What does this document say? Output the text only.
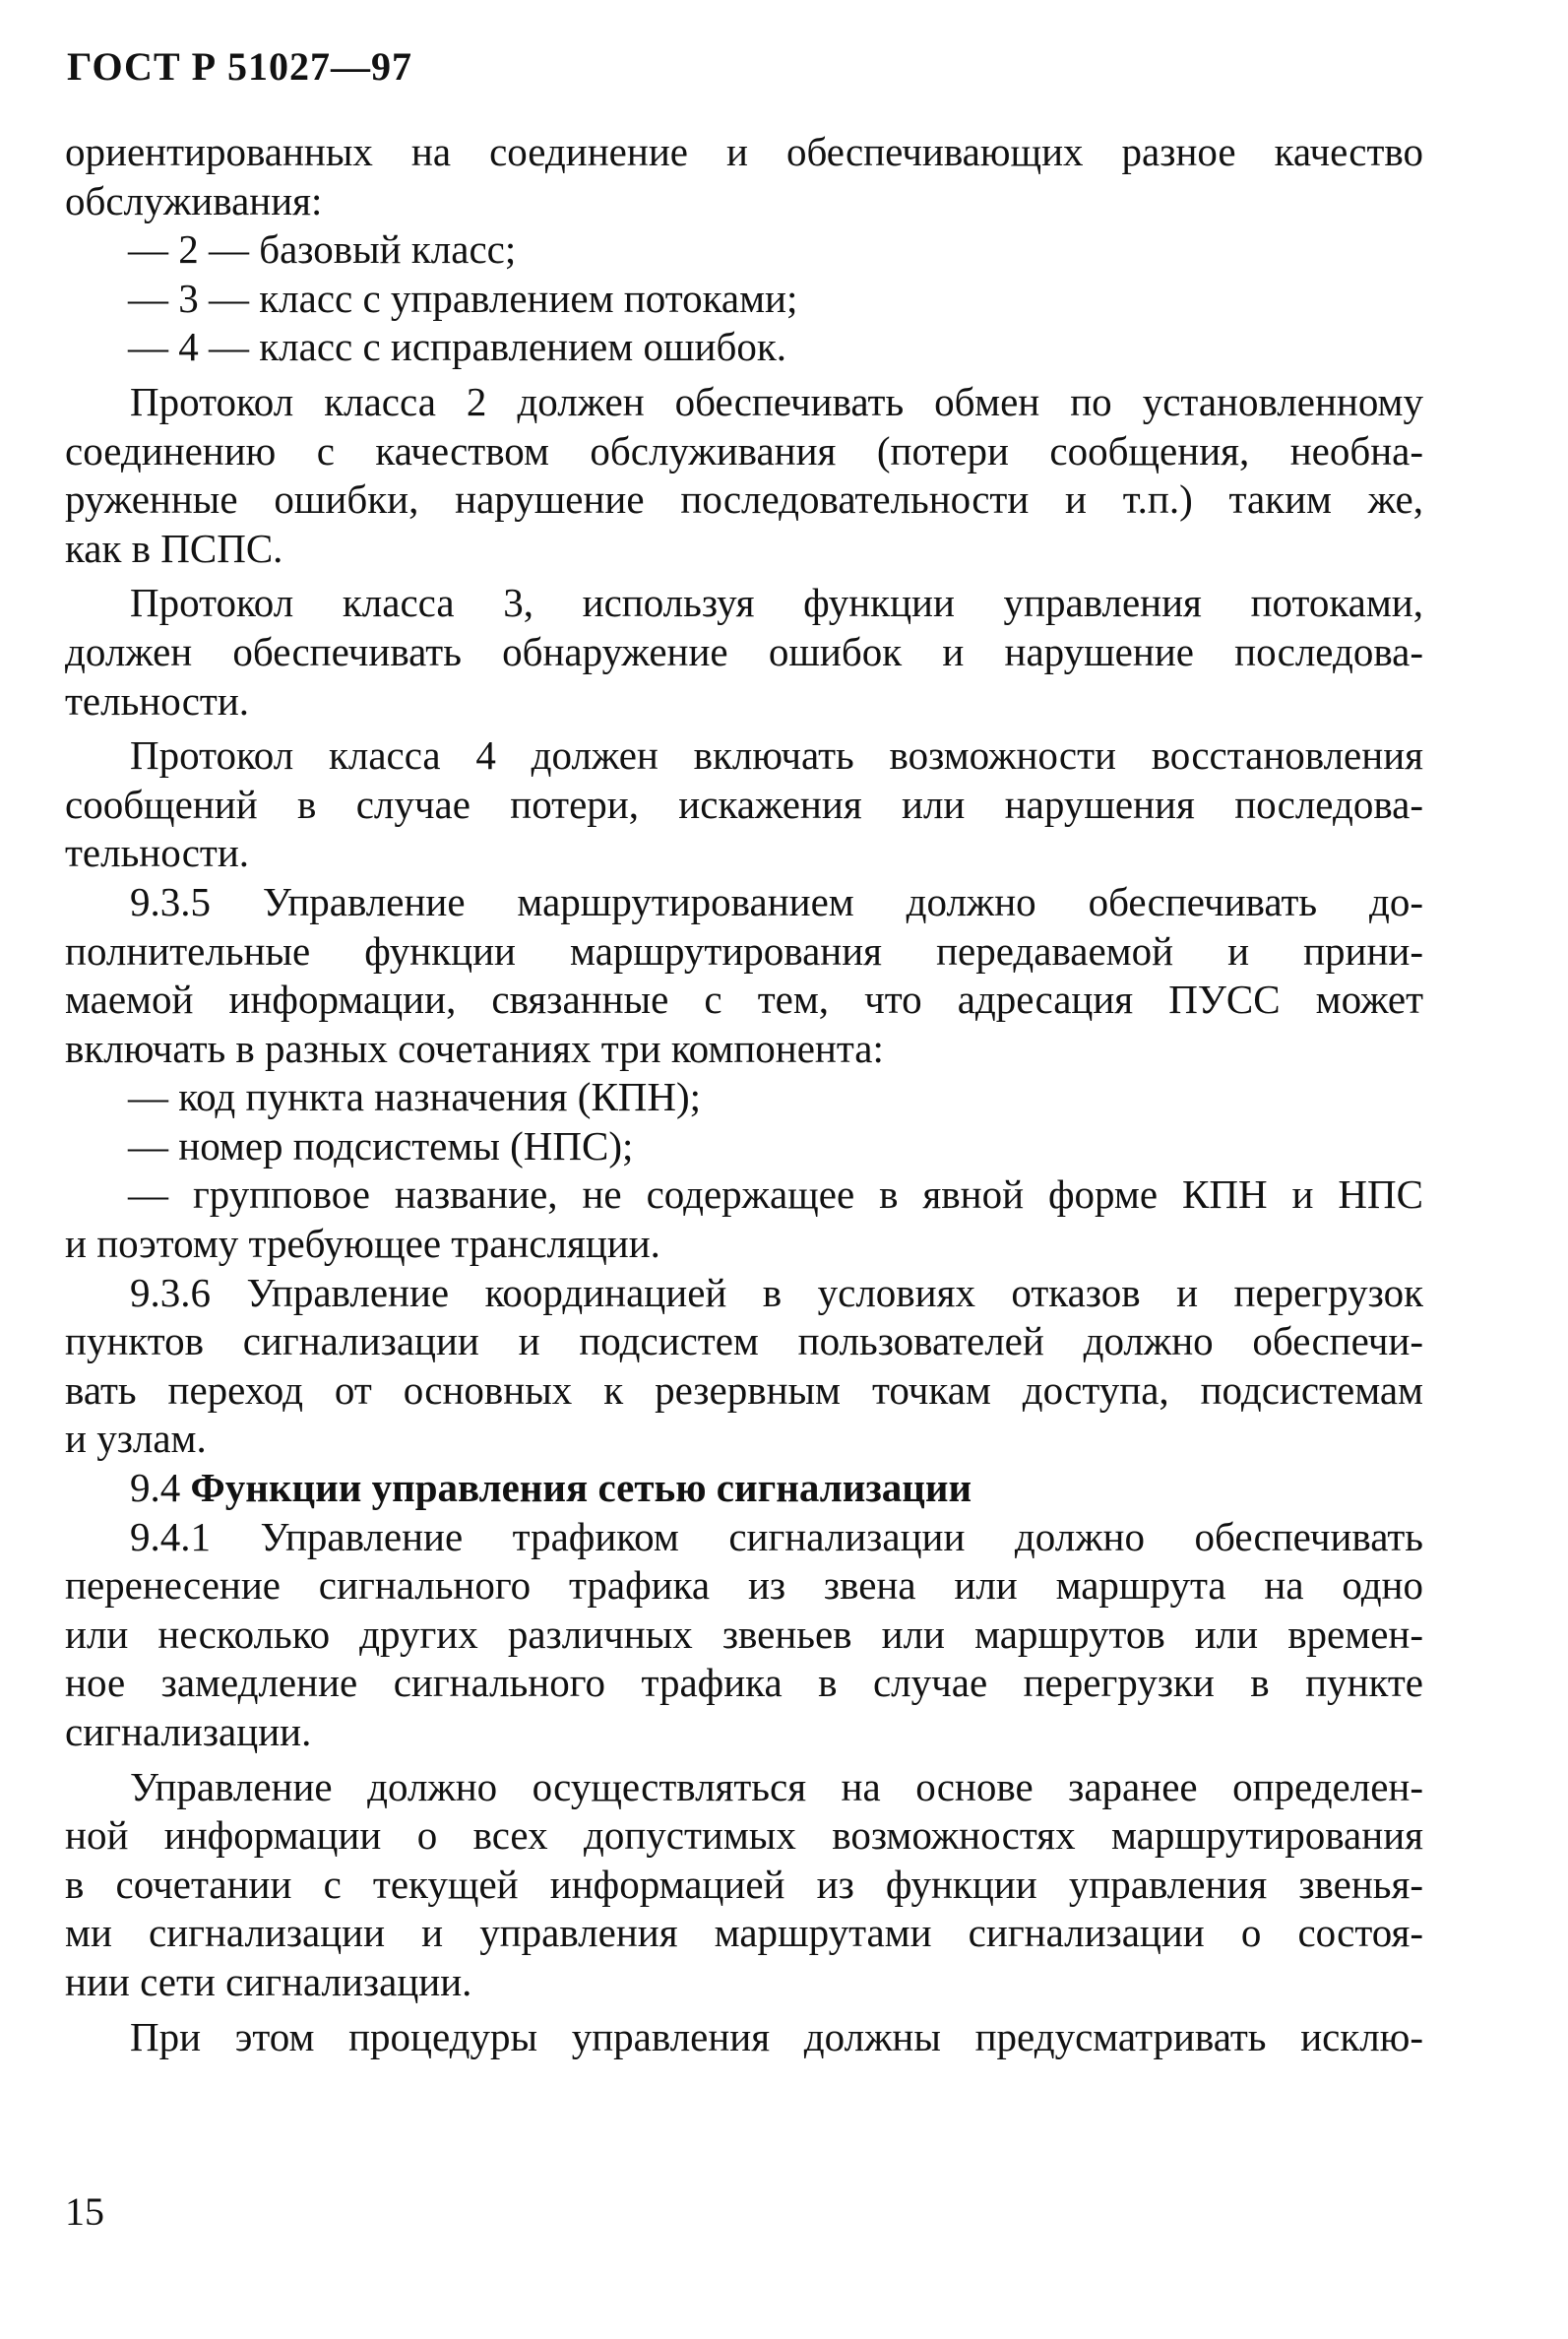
ГОСТ Р 51027—97
ориентированных на соединение и обеспечивающих разное качество
обслуживания:
— 2 — базовый класс;
— 3 — класс с управлением потоками;
— 4 — класс с исправлением ошибок.
Протокол класса 2 должен обеспечивать обмен по установленному
соединению с качеством обслуживания (потери сообщения, необна-
руженные ошибки, нарушение последовательности и т.п.) таким же,
как в ПСПС.
Протокол класса 3, используя функции управления потоками,
должен обеспечивать обнаружение ошибок и нарушение последова-
тельности.
Протокол класса 4 должен включать возможности восстановления
сообщений в случае потери, искажения или нарушения последова-
тельности.
9.3.5 Управление маршрутированием должно обеспечивать до-
полнительные функции маршрутирования передаваемой и прини-
маемой информации, связанные с тем, что адресация ПУСС может
включать в разных сочетаниях три компонента:
— код пункта назначения (КПН);
— номер подсистемы (НПС);
— групповое название, не содержащее в явной форме КПН и НПС
и поэтому требующее трансляции.
9.3.6 Управление координацией в условиях отказов и перегрузок
пунктов сигнализации и подсистем пользователей должно обеспечи-
вать переход от основных к резервным точкам доступа, подсистемам
и узлам.
9.4 Функции управления сетью сигнализации
9.4.1 Управление трафиком сигнализации должно обеспечивать
перенесение сигнального трафика из звена или маршрута на одно
или несколько других различных звеньев или маршрутов или времен-
ное замедление сигнального трафика в случае перегрузки в пункте
сигнализации.
Управление должно осуществляться на основе заранее определен-
ной информации о всех допустимых возможностях маршрутирования
в сочетании с текущей информацией из функции управления звенья-
ми сигнализации и управления маршрутами сигнализации о состоя-
нии сети сигнализации.
При этом процедуры управления должны предусматривать исклю-
15
